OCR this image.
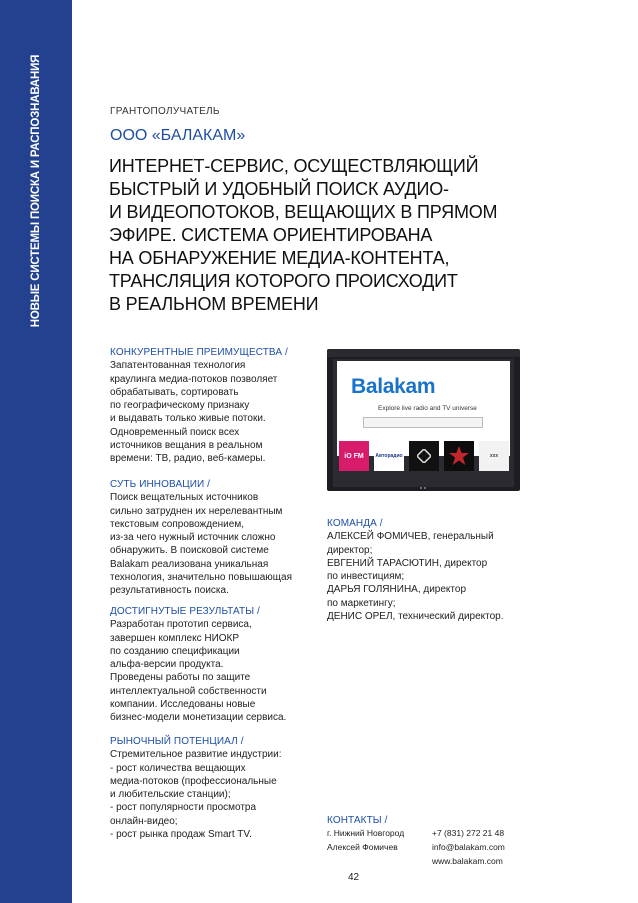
НОВЫЕ СИСТЕМЫ ПОИСКА И РАСПОЗНАВАНИЯ	ГРАНТОПОЛУЧАТЕЛЬ
ООО «БАЛАКАМ»
ИНТЕРНЕТ-СЕРВИС, ОСУЩЕСТВЛЯЮЩИЙ
БЫСТРЫЙ И УДОБНЫЙ ПОИСК АУДИО-
И ВИДЕОПОТОКОВ, ВЕЩАЮЩИХ В ПРЯМОМ
ЭФИРЕ. СИСТЕМА ОРИЕНТИРОВАНА
НА ОБНАРУЖЕНИЕ МЕДИА-КОНТЕНТА,
ТРАНСЛЯЦИЯ КОТОРОГО ПРОИСХОДИТ
В РЕАЛЬНОМ ВРЕМЕНИ
КОНКУРЕНТНЫЕ ПРЕИМУЩЕСТВА /
Запатентованная технология
краулинга медиа-потоков позволяет
обрабатывать, сортировать
по географическому признаку
и выдавать только живые потоки.
Одновременный поиск всех
источников вещания в реальном
времени: ТВ, радио, веб-камеры.
СУТЬ ИННОВАЦИИ /
Поиск вещательных источников
сильно затруднен их нерелевантным
текстовым сопровождением,
из-за чего нужный источник сложно
обнаружить. В поисковой системе
Balakam реализована уникальная
технология, значительно повышающая
результативность поиска.
ДОСТИГНУТЫЕ РЕЗУЛЬТАТЫ /
Разработан прототип сервиса,
завершен комплекс НИОКР
по созданию спецификации
альфа-версии продукта.
Проведены работы по защите
интеллектуальной собственности
компании. Исследованы новые
бизнес-модели монетизации сервиса.
РЫНОЧНЫЙ ПОТЕНЦИАЛ /
Стремительное развитие индустрии:
- рост количества вещающих
медиа-потоков (профессиональные
и любительские станции);
- рост популярности просмотра
онлайн-видео;
- рост рынка продаж Smart TV.
Balakam
Explore live radio and TV universe
iO FM	Авторадио	xxx
КОМАНДА /
АЛЕКСЕЙ ФОМИЧЕВ, генеральный
директор;
ЕВГЕНИЙ ТАРАСЮТИН, директор
по инвестициям;
ДАРЬЯ ГОЛЯНИНА, директор
по маркетингу;
ДЕНИС ОРЕЛ, технический директор.
КОНТАКТЫ /
г. Нижний Новгород
Алексей Фомичев
+7 (831) 272 21 48
info@balakam.com
www.balakam.com
42
